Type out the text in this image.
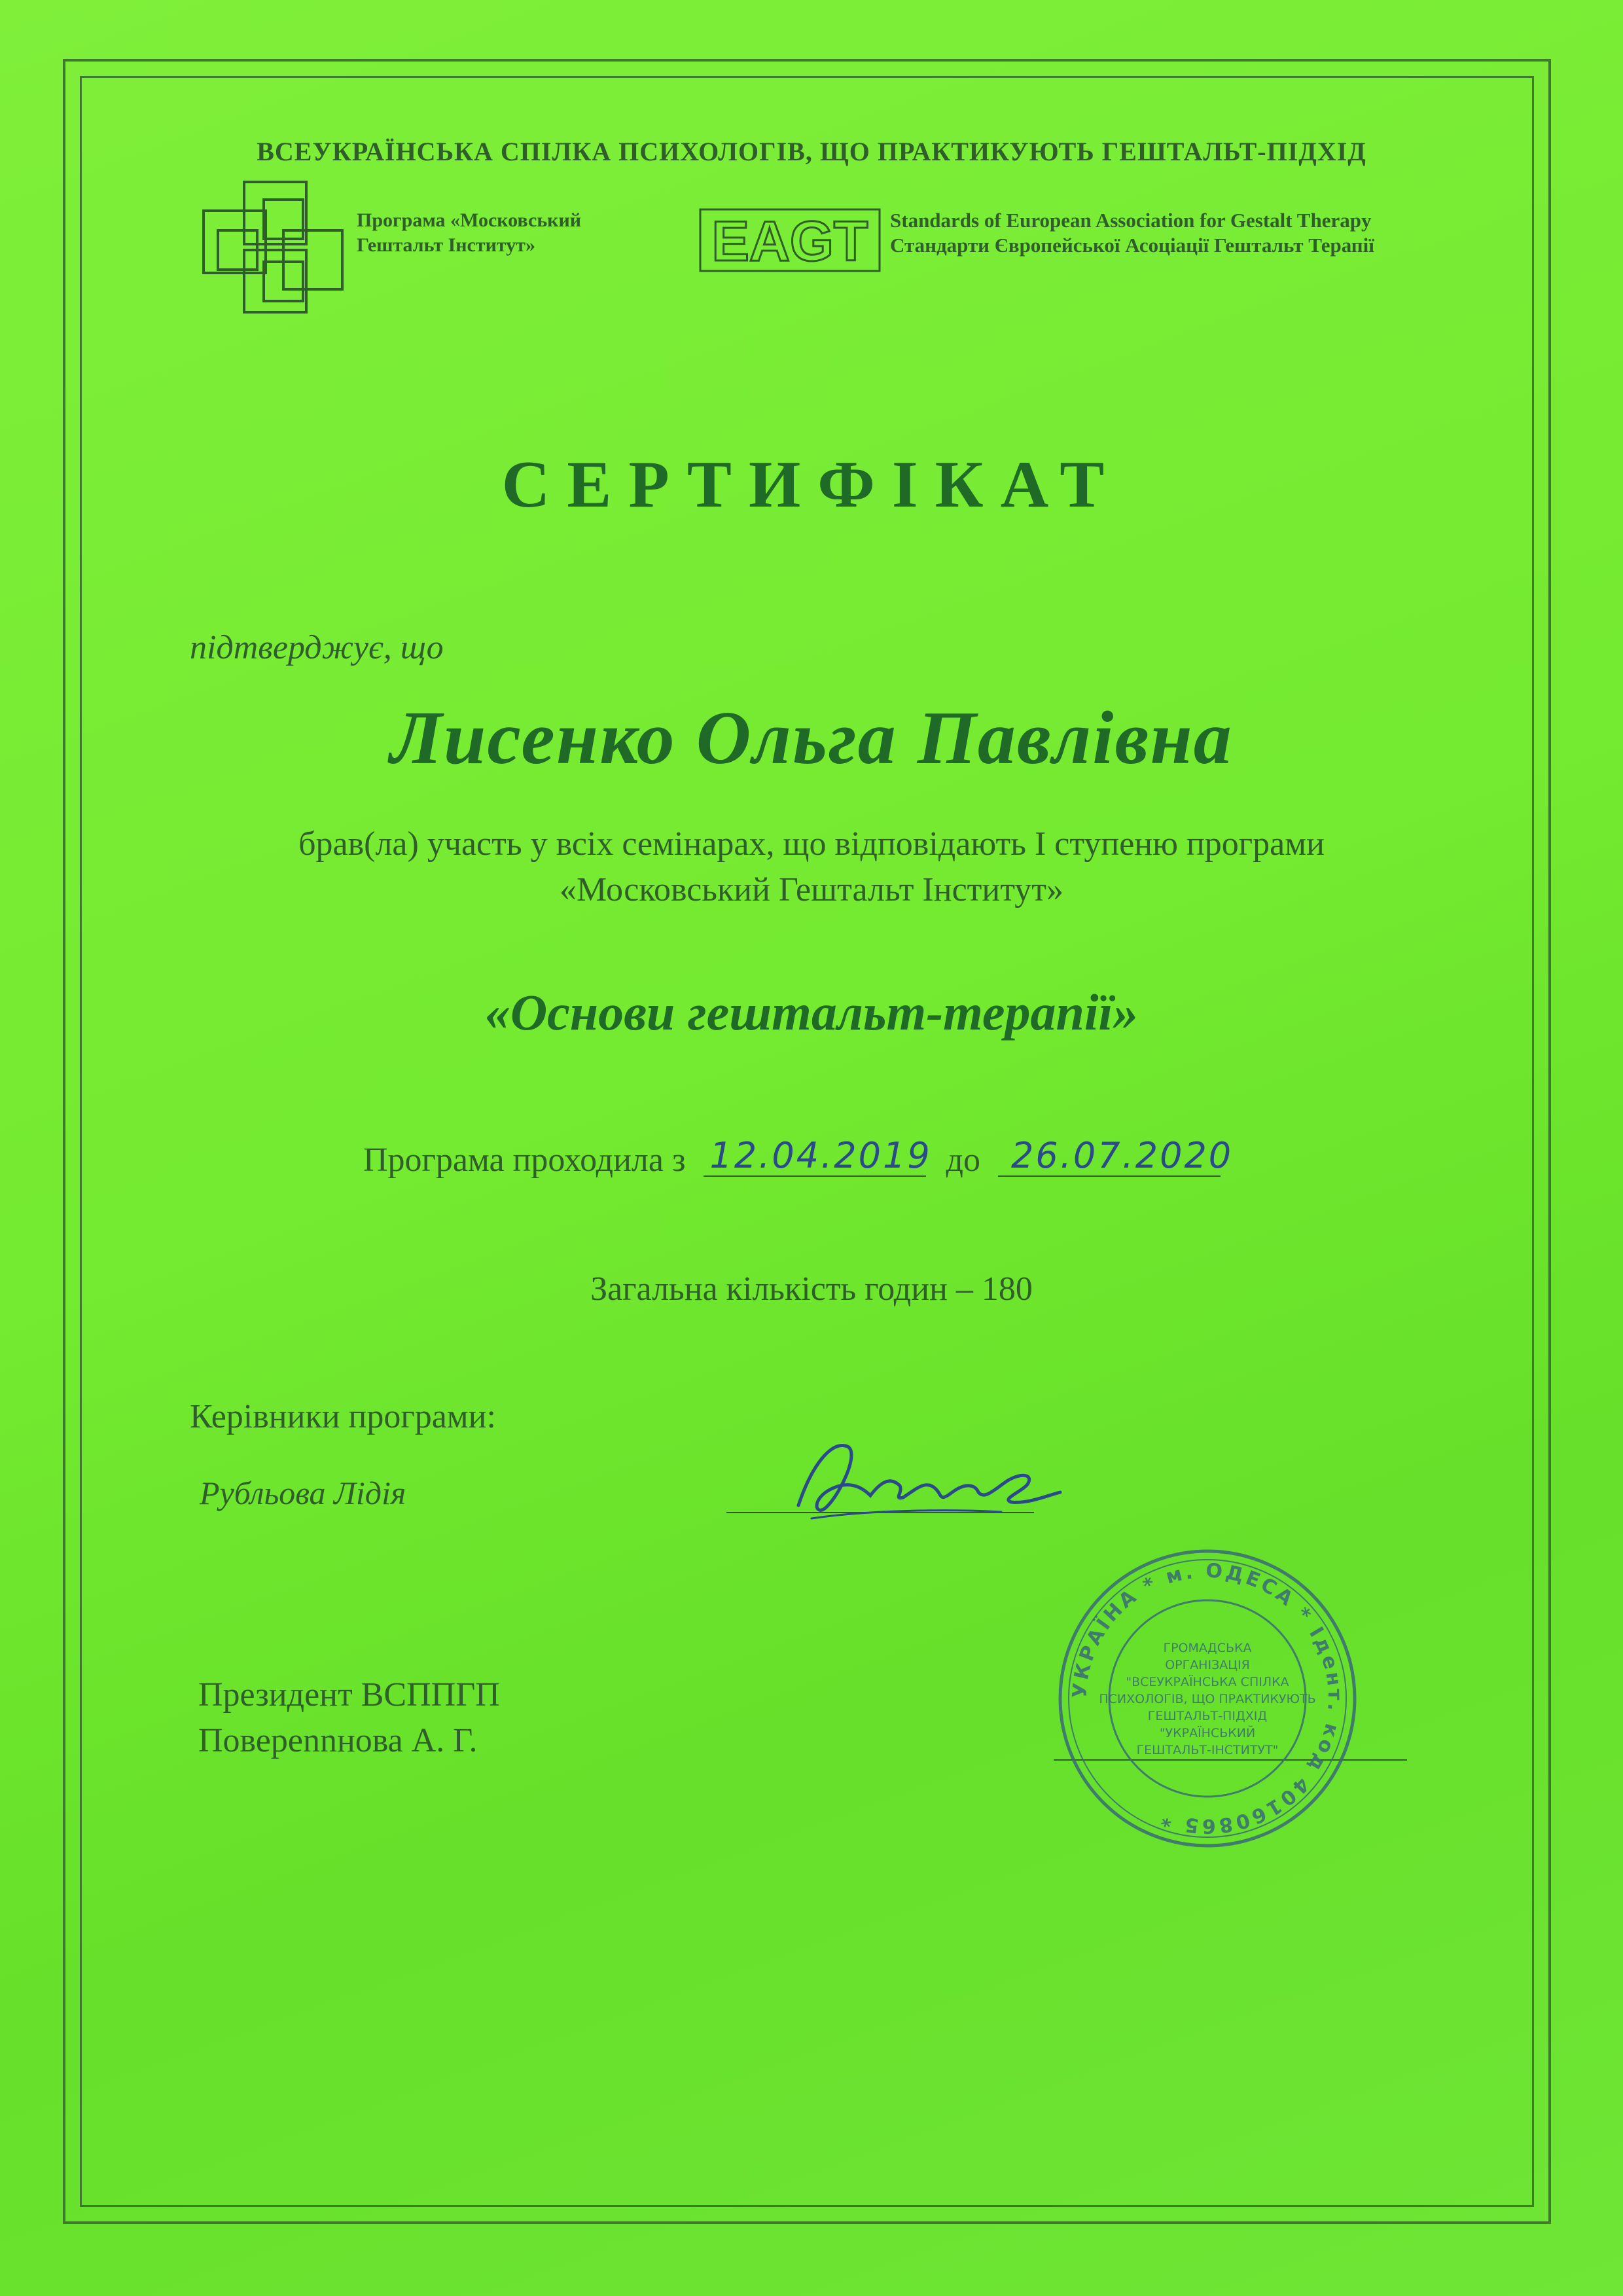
ВСЕУКРАЇНСЬКА СПІЛКА ПСИХОЛОГІВ, ЩО ПРАКТИКУЮТЬ ГЕШТАЛЬТ-ПІДХІД
Програма «Московський
Гештальт Інститут»	EAGT Standards of European Association for Gestalt Therapy
Стандарти Європейської Асоціації Гештальт Терапії
СЕРТИФІКАТ
підтверджує, що
Лисенко Ольга Павлівна
брав(ла) участь у всіх семінарах, що відповідають І ступеню програми
«Московський Гештальт Інститут»
«Основи гештальт-терапії»
Програма проходила з 12.04.2019 до 26.07.2020
Загальна кількість годин – 180
Керівники програми:
Рубльова Лідія
Президент ВСППГП
Поверennнова А. Г.
УКРАЇНА * м. ОДЕСА * Ідент. код 40160865 *
ГРОМАДСЬКА
ОРГАНІЗАЦІЯ
"ВСЕУКРАЇНСЬКА СПІЛКА
ПСИХОЛОГІВ, ЩО ПРАКТИКУЮТЬ
ГЕШТАЛЬТ-ПІДХІД
"УКРАЇНСЬКИЙ
ГЕШТАЛЬТ-ІНСТИТУТ"
